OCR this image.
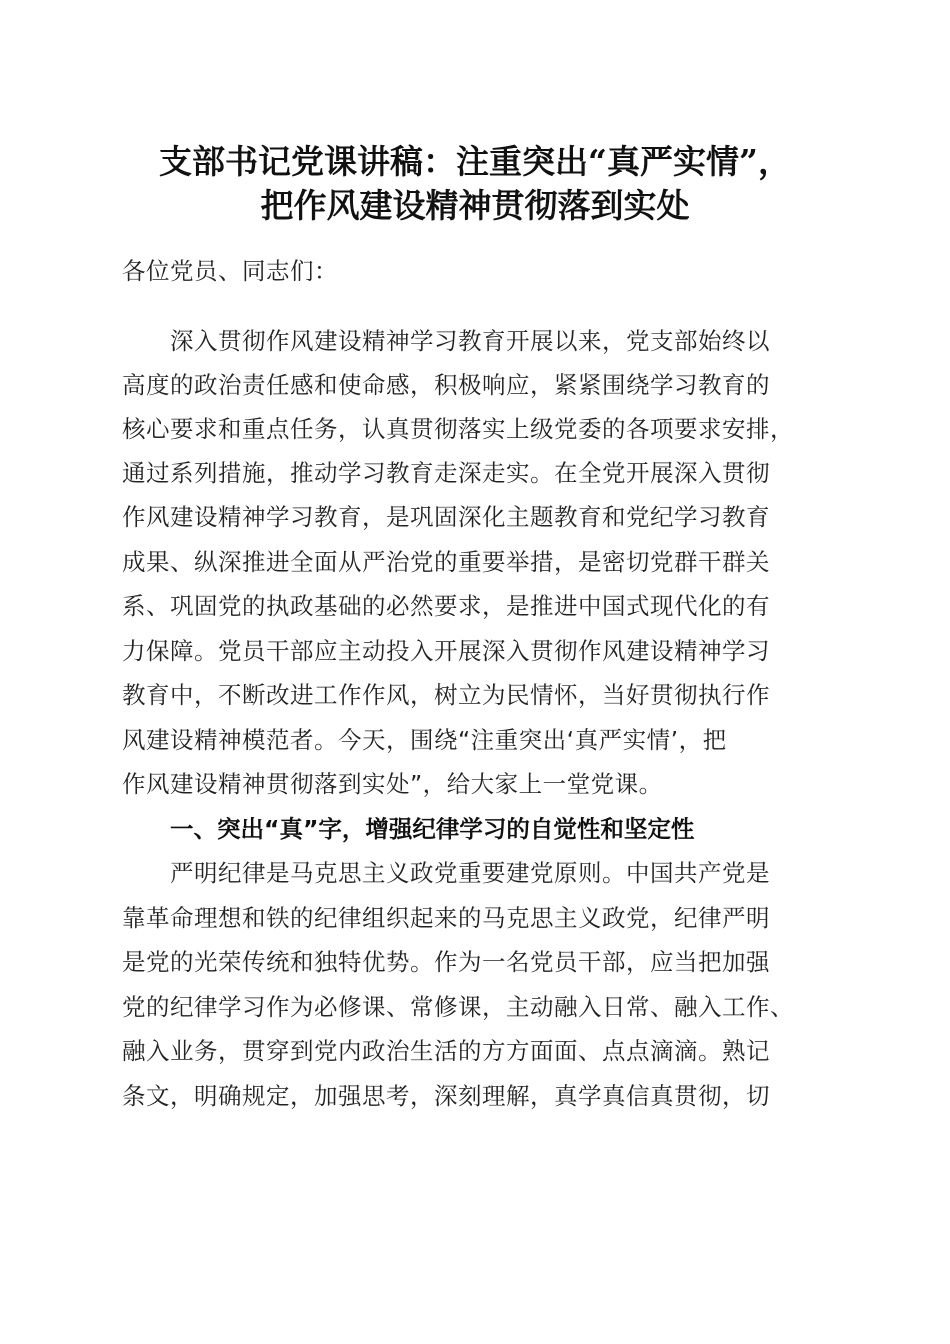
支部书记党课讲稿：注重突出“真严实情”，
把作风建设精神贯彻落到实处
各位党员、同志们：
深入贯彻作风建设精神学习教育开展以来，党支部始终以
高度的政治责任感和使命感，积极响应，紧紧围绕学习教育的
核心要求和重点任务，认真贯彻落实上级党委的各项要求安排，
通过系列措施，推动学习教育走深走实。在全党开展深入贯彻
作风建设精神学习教育，是巩固深化主题教育和党纪学习教育
成果、纵深推进全面从严治党的重要举措，是密切党群干群关
系、巩固党的执政基础的必然要求，是推进中国式现代化的有
力保障。党员干部应主动投入开展深入贯彻作风建设精神学习
教育中，不断改进工作作风，树立为民情怀，当好贯彻执行作
风建设精神模范者。今天，围绕“注重突出‘真严实情’，把
作风建设精神贯彻落到实处”，给大家上一堂党课。
一、突出“真”字，增强纪律学习的自觉性和坚定性
严明纪律是马克思主义政党重要建党原则。中国共产党是
靠革命理想和铁的纪律组织起来的马克思主义政党，纪律严明
是党的光荣传统和独特优势。作为一名党员干部，应当把加强
党的纪律学习作为必修课、常修课，主动融入日常、融入工作、
融入业务，贯穿到党内政治生活的方方面面、点点滴滴。熟记
条文，明确规定，加强思考，深刻理解，真学真信真贯彻，切
